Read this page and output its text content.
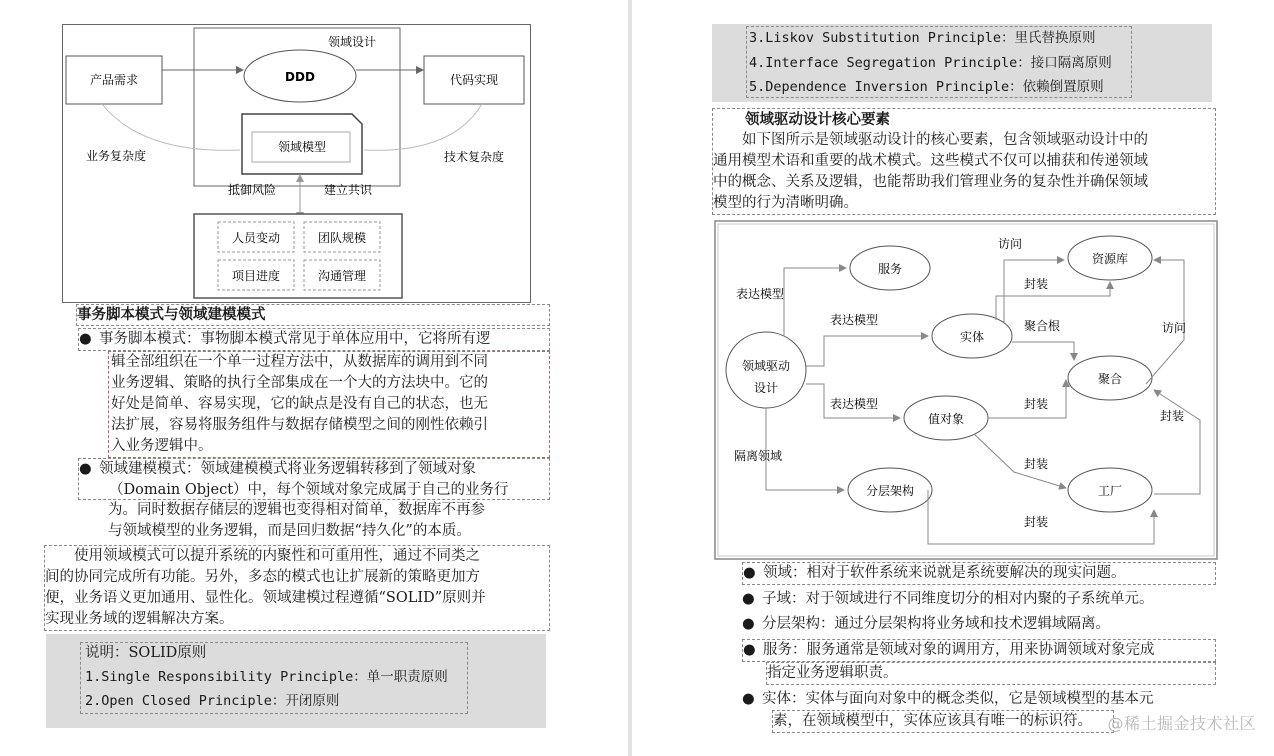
领域设计
产品需求	代码实现
DDD
领域模型
业务复杂度	技术复杂度
抵御风险	建立共识
人员变动	团队规模
项目进度	沟通管理
事务脚本模式与领域建模模式
● 事务脚本模式：事物脚本模式常见于单体应用中，它将所有逻
辑全部组织在一个单一过程方法中，从数据库的调用到不同
业务逻辑、策略的执行全部集成在一个大的方法块中。它的
好处是简单、容易实现，它的缺点是没有自己的状态，也无
法扩展，容易将服务组件与数据存储模型之间的刚性依赖引
入业务逻辑中。
● 领域建模模式：领域建模模式将业务逻辑转移到了领域对象
（Domain Object）中，每个领域对象完成属于自己的业务行
为。同时数据存储层的逻辑也变得相对简单，数据库不再参
与领域模型的业务逻辑，而是回归数据“持久化”的本质。
　　使用领域模式可以提升系统的内聚性和可重用性，通过不同类之
间的协同完成所有功能。另外，多态的模式也让扩展新的策略更加方
便，业务语义更加通用、显性化。领域建模过程遵循“SOLID”原则并
实现业务域的逻辑解决方案。
说明：SOLID原则
1.Single Responsibility Principle：单一职责原则
2.Open Closed Principle：开闭原则
3.Liskov Substitution Principle：里氏替换原则
4.Interface Segregation Principle：接口隔离原则
5.Dependence Inversion Principle：依赖倒置原则
领域驱动设计核心要素
　　如下图所示是领域驱动设计的核心要素，包含领域驱动设计中的
通用模型术语和重要的战术模式。这些模式不仅可以捕获和传递领域
中的概念、关系及逻辑，也能帮助我们管理业务的复杂性并确保领域
模型的行为清晰明确。
领域驱动
设计
服务
实体
值对象
分层架构
资源库
聚合
工厂
表达模型
表达模型
表达模型
隔离领域
访问
封装
聚合根	访问
封装
封装
封装
封装
● 领域：相对于软件系统来说就是系统要解决的现实问题。
● 子域：对于领域进行不同维度切分的相对内聚的子系统单元。
● 分层架构：通过分层架构将业务域和技术逻辑域隔离。
● 服务：服务通常是领域对象的调用方，用来协调领域对象完成
指定业务逻辑职责。
● 实体：实体与面向对象中的概念类似，它是领域模型的基本元
素，在领域模型中，实体应该具有唯一的标识符。 @稀土掘金技术社区
